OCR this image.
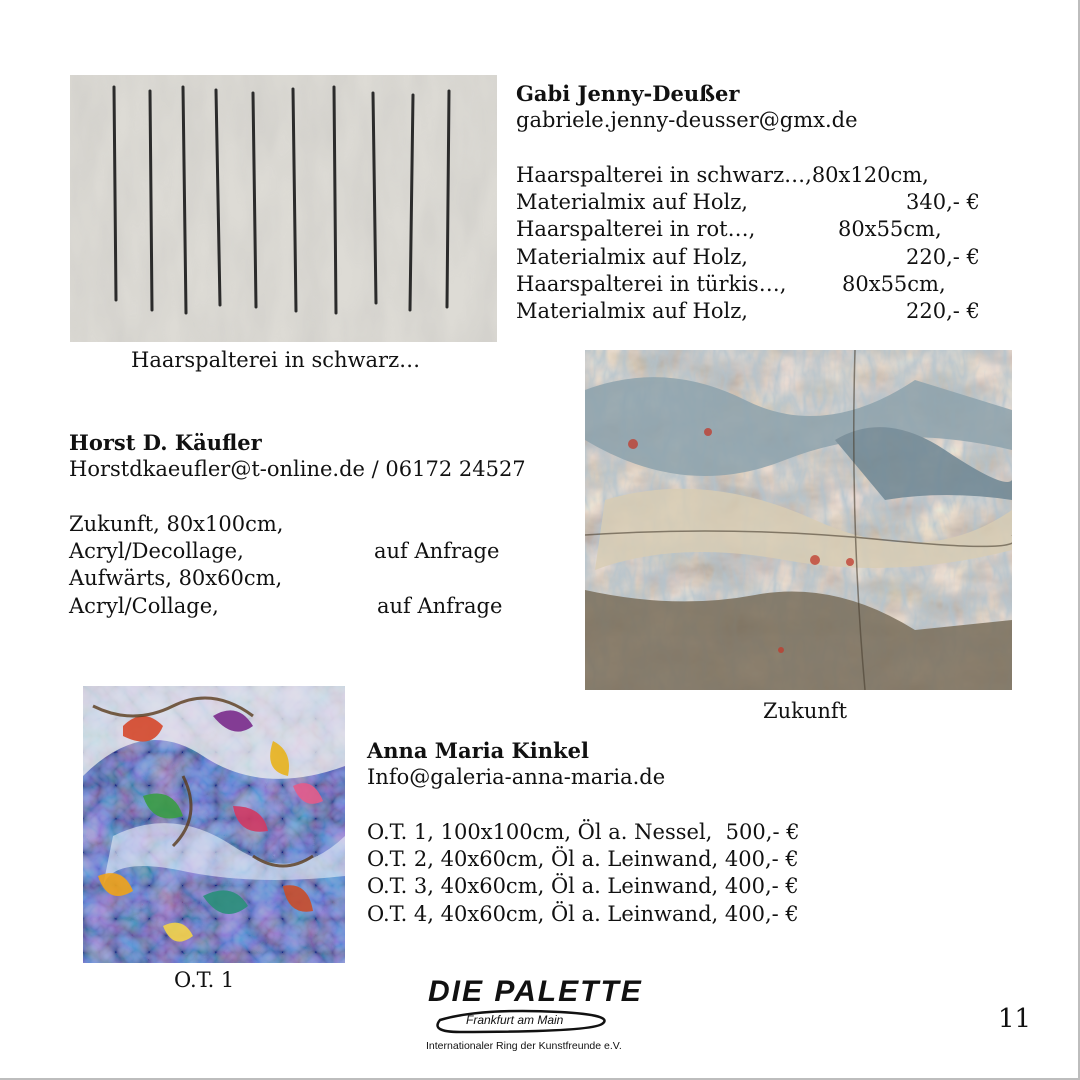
Haarspalterei in schwarz…
Gabi Jenny-Deußer
gabriele.jenny-deusser@gmx.de
Haarspalterei in schwarz…,80x120cm,
Materialmix auf Holz,	340,- €
Haarspalterei in rot…,	80x55cm,
Materialmix auf Holz,	220,- €
Haarspalterei in türkis…,	80x55cm,
Materialmix auf Holz,	220,- €
Zukunft
Horst D. Käufler
Horstdkaeufler@t-online.de / 06172 24527
Zukunft, 80x100cm,
Acryl/Decollage,	auf Anfrage
Aufwärts, 80x60cm,
Acryl/Collage,	auf Anfrage
O.T. 1
Anna Maria Kinkel
Info@galeria-anna-maria.de
O.T. 1, 100x100cm, Öl a. Nessel,  500,- €
O.T. 2, 40x60cm, Öl a. Leinwand, 400,- €
O.T. 3, 40x60cm, Öl a. Leinwand, 400,- €
O.T. 4, 40x60cm, Öl a. Leinwand, 400,- €
DIE PALETTE
Frankfurt am Main
Internationaler Ring der Kunstfreunde e.V.
11
